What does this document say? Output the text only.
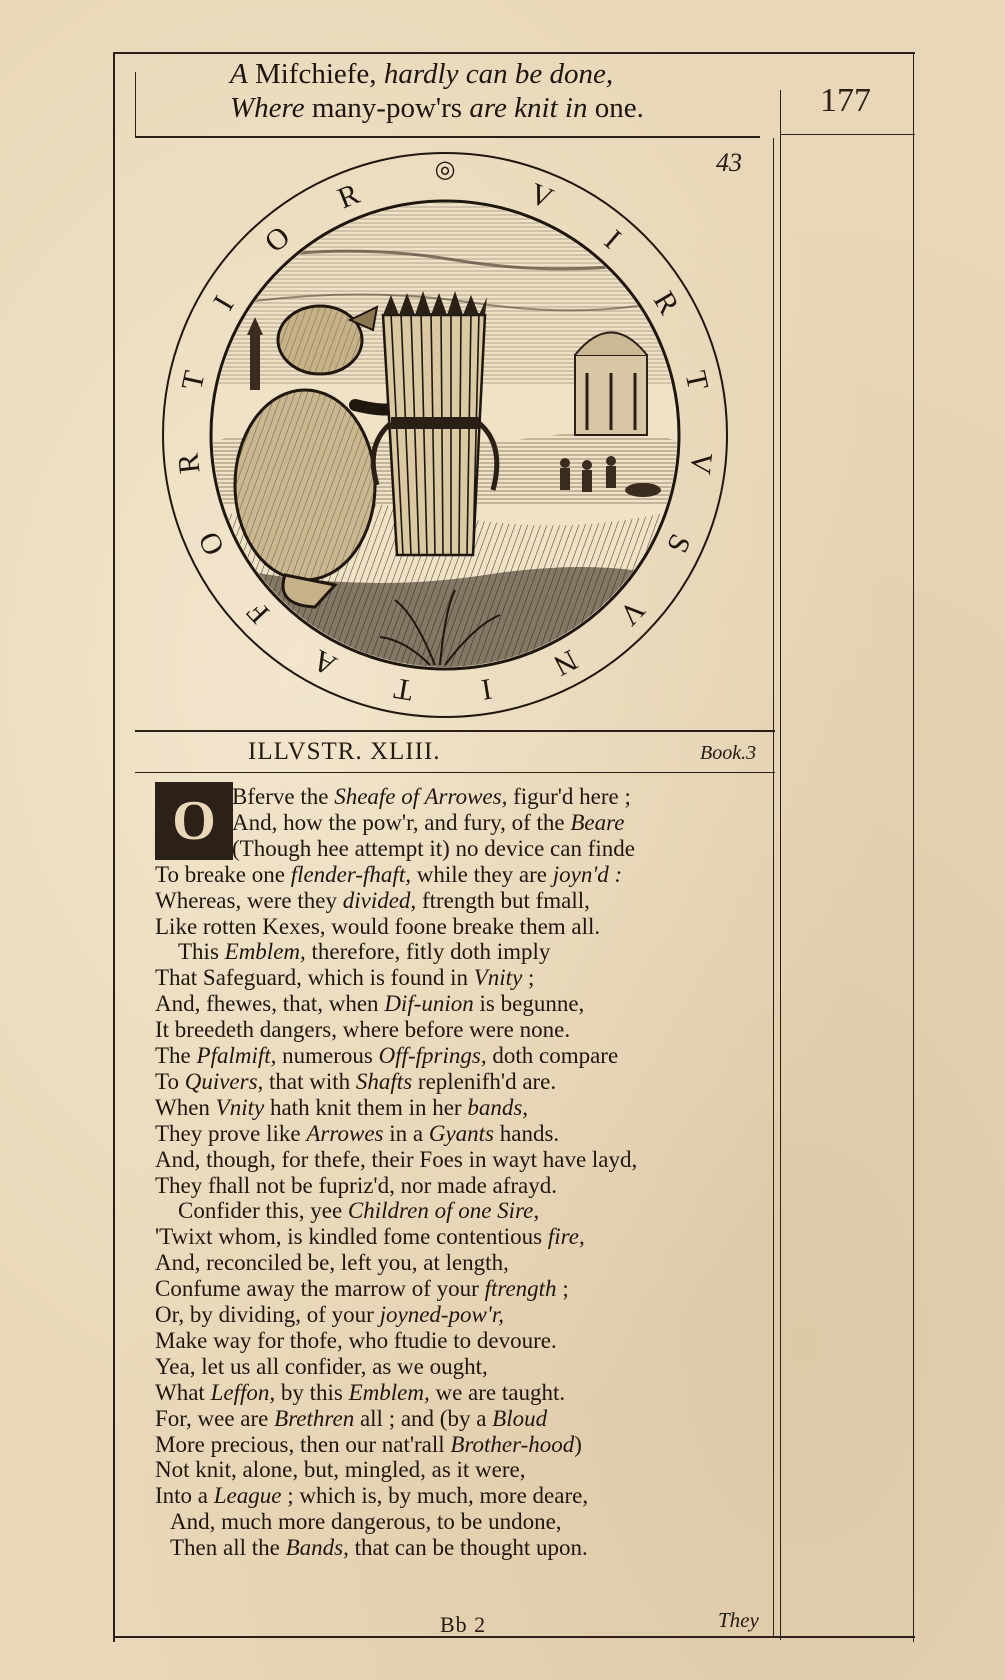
A Mifchiefe, hardly can be done,
Where many-pow'rs are knit in one.	177
43
V
I
R
T
V
S
V
N
I
T
A
F
O
R
T
I
O
R
◎
ILLVSTR. XLIII.	Book.3
O Bferve the Sheafe of Arrowes, figur'd here ;
And, how the pow'r, and fury, of the Beare
(Though hee attempt it) no device can finde
To breake one flender-fhaft, while they are joyn'd :
Whereas, were they divided, ftrength but fmall,
Like rotten Kexes, would foone breake them all.
This Emblem, therefore, fitly doth imply
That Safeguard, which is found in Vnity ;
And, fhewes, that, when Dif-union is begunne,
It breedeth dangers, where before were none.
The Pfalmift, numerous Off-fprings, doth compare
To Quivers, that with Shafts replenifh'd are.
When Vnity hath knit them in her bands,
They prove like Arrowes in a Gyants hands.
And, though, for thefe, their Foes in wayt have layd,
They fhall not be fupriz'd, nor made afrayd.
Confider this, yee Children of one Sire,
'Twixt whom, is kindled fome contentious fire,
And, reconciled be, left you, at length,
Confume away the marrow of your ftrength ;
Or, by dividing, of your joyned-pow'r,
Make way for thofe, who ftudie to devoure.
Yea, let us all confider, as we ought,
What Leffon, by this Emblem, we are taught.
For, wee are Brethren all ; and (by a Bloud
More precious, then our nat'rall Brother-hood)
Not knit, alone, but, mingled, as it were,
Into a League ; which is, by much, more deare,
And, much more dangerous, to be undone,
Then all the Bands, that can be thought upon.
Bb 2	They
